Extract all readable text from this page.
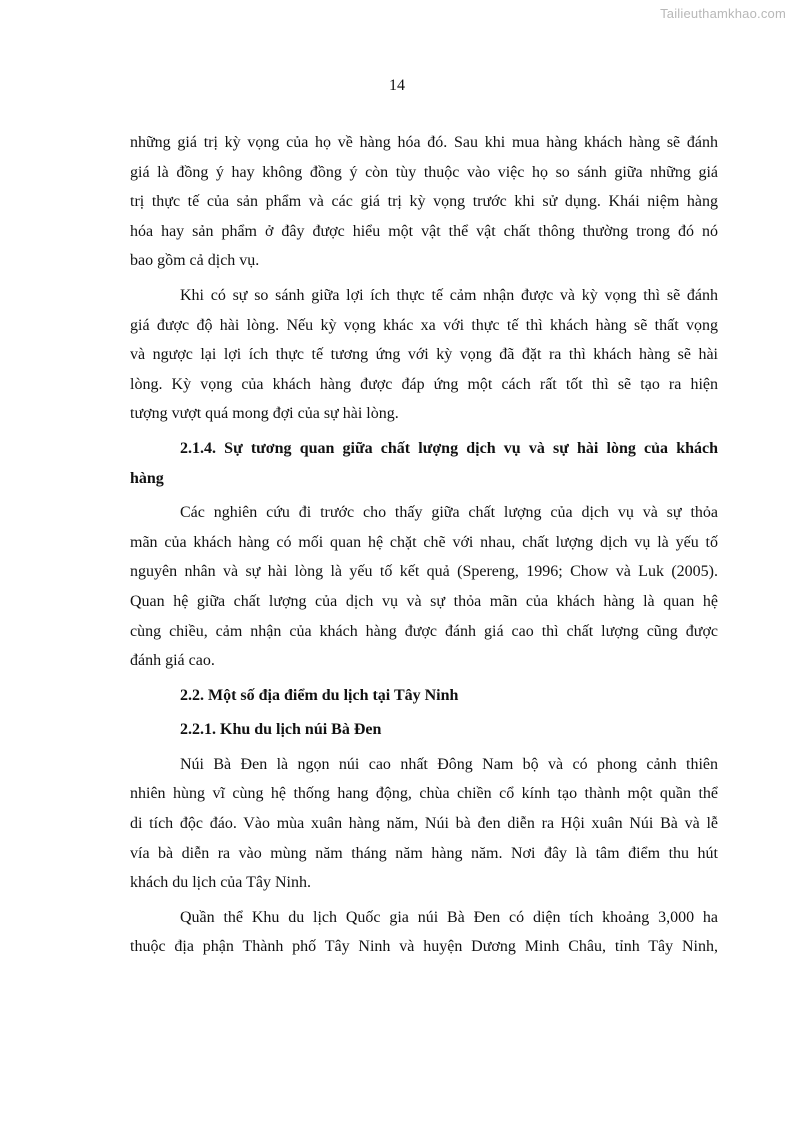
Tailieuthamkhao.com
14
những giá trị kỳ vọng của họ về hàng hóa đó. Sau khi mua hàng khách hàng sẽ đánh
giá là đồng ý hay không đồng ý còn tùy thuộc vào việc họ so sánh giữa những giá
trị thực tế của sản phẩm và các giá trị kỳ vọng trước khi sử dụng. Khái niệm hàng
hóa hay sản phẩm ở đây được hiểu một vật thể vật chất thông thường trong đó nó
bao gồm cả dịch vụ.
Khi có sự so sánh giữa lợi ích thực tế cảm nhận được và kỳ vọng thì sẽ đánh
giá được độ hài lòng. Nếu kỳ vọng khác xa với thực tế thì khách hàng sẽ thất vọng
và ngược lại lợi ích thực tế tương ứng với kỳ vọng đã đặt ra thì khách hàng sẽ hài
lòng. Kỳ vọng của khách hàng được đáp ứng một cách rất tốt thì sẽ tạo ra hiện
tượng vượt quá mong đợi của sự hài lòng.
2.1.4. Sự tương quan giữa chất lượng dịch vụ và sự hài lòng của khách
hàng
Các nghiên cứu đi trước cho thấy giữa chất lượng của dịch vụ và sự thỏa
mãn của khách hàng có mối quan hệ chặt chẽ với nhau, chất lượng dịch vụ là yếu tố
nguyên nhân và sự hài lòng là yếu tố kết quả (Spereng, 1996; Chow và Luk (2005).
Quan hệ giữa chất lượng của dịch vụ và sự thỏa mãn của khách hàng là quan hệ
cùng chiều, cảm nhận của khách hàng được đánh giá cao thì chất lượng cũng được
đánh giá cao.
2.2. Một số địa điểm du lịch tại Tây Ninh
2.2.1. Khu du lịch núi Bà Đen
Núi Bà Đen là ngọn núi cao nhất Đông Nam bộ và có phong cảnh thiên
nhiên hùng vĩ cùng hệ thống hang động, chùa chiền cổ kính tạo thành một quần thể
di tích độc đáo. Vào mùa xuân hàng năm, Núi bà đen diễn ra Hội xuân Núi Bà và lễ
vía bà diễn ra vào mùng năm tháng năm hàng năm. Nơi đây là tâm điểm thu hút
khách du lịch của Tây Ninh.
Quần thể Khu du lịch Quốc gia núi Bà Đen có diện tích khoảng 3,000 ha
thuộc địa phận Thành phố Tây Ninh và huyện Dương Minh Châu, tỉnh Tây Ninh,
